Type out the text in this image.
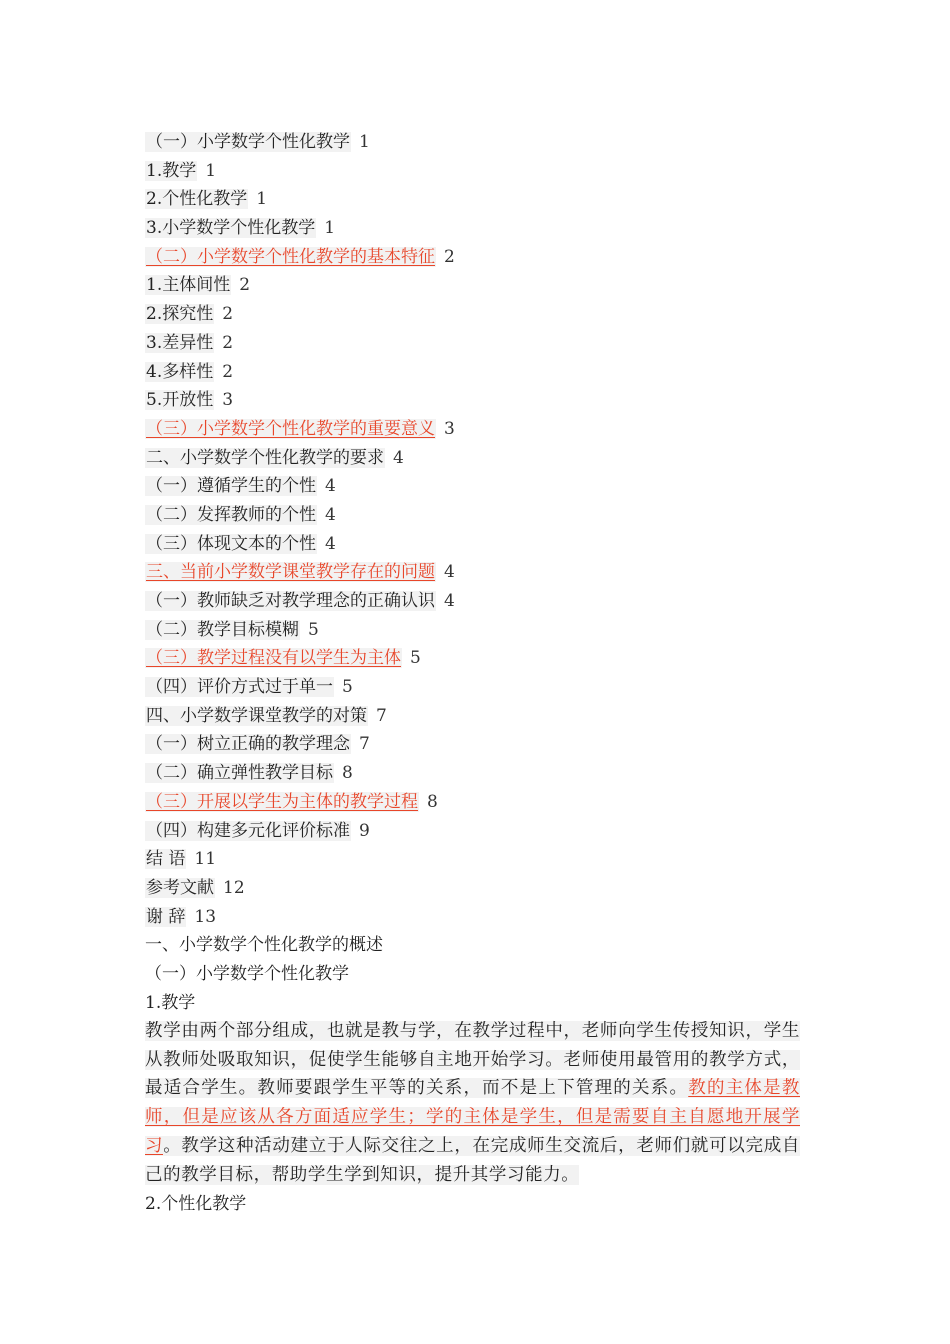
（一）小学数学个性化教学 1
1.教学 1
2.个性化教学 1
3.小学数学个性化教学 1
（二）小学数学个性化教学的基本特征 2
1.主体间性 2
2.探究性 2
3.差异性 2
4.多样性 2
5.开放性 3
（三）小学数学个性化教学的重要意义 3
二、小学数学个性化教学的要求 4
（一）遵循学生的个性 4
（二）发挥教师的个性 4
（三）体现文本的个性 4
三、当前小学数学课堂教学存在的问题 4
（一）教师缺乏对教学理念的正确认识 4
（二）教学目标模糊 5
（三）教学过程没有以学生为主体 5
（四）评价方式过于单一 5
四、小学数学课堂教学的对策 7
（一）树立正确的教学理念 7
（二）确立弹性教学目标 8
（三）开展以学生为主体的教学过程 8
（四）构建多元化评价标准 9
结 语 11
参考文献 12
谢 辞 13
一、小学数学个性化教学的概述
（一）小学数学个性化教学
1.教学
教学由两个部分组成，也就是教与学，在教学过程中，老师向学生传授知识，学生从教师处吸取知识，促使学生能够自主地开始学习。老师使用最管用的教学方式，最适合学生。教师要跟学生平等的关系，而不是上下管理的关系。教的主体是教师，但是应该从各方面适应学生；学的主体是学生，但是需要自主自愿地开展学习。教学这种活动建立于人际交往之上，在完成师生交流后，老师们就可以完成自己的教学目标，帮助学生学到知识，提升其学习能力。
2.个性化教学
